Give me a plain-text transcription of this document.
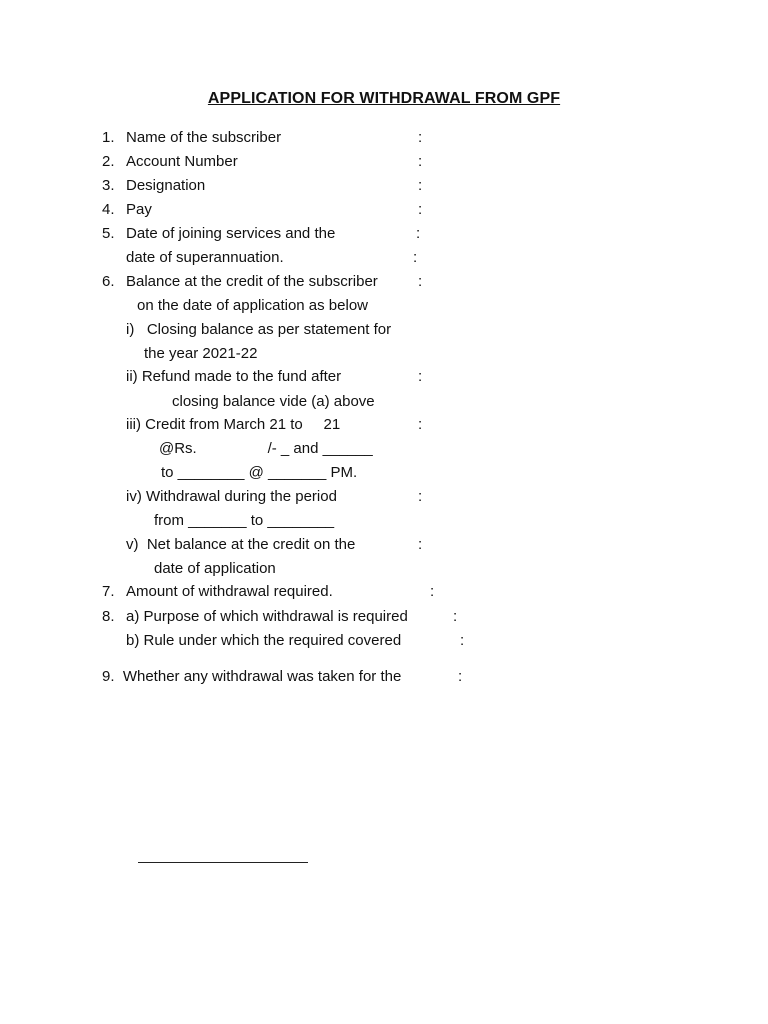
APPLICATION FOR WITHDRAWAL FROM GPF
1. Name of the subscriber	:
2. Account Number	:
3. Designation	:
4. Pay	:
5. Date of joining services and the	:
date of superannuation.	:
6. Balance at the credit of the subscriber	:
on the date of application as below
i)   Closing balance as per statement for
the year 2021-22
ii) Refund made to the fund after	:
closing balance vide (a) above
iii) Credit from March 21 to     21	:
@Rs.                 /- _ and ______
to ________ @ _______ PM.
iv) Withdrawal during the period	:
from _______ to ________
v)  Net balance at the credit on the	:
date of application
7. Amount of withdrawal required.	:
8. a) Purpose of which withdrawal is required	:
b) Rule under which the required covered	:
9.  Whether any withdrawal was taken for the	:
